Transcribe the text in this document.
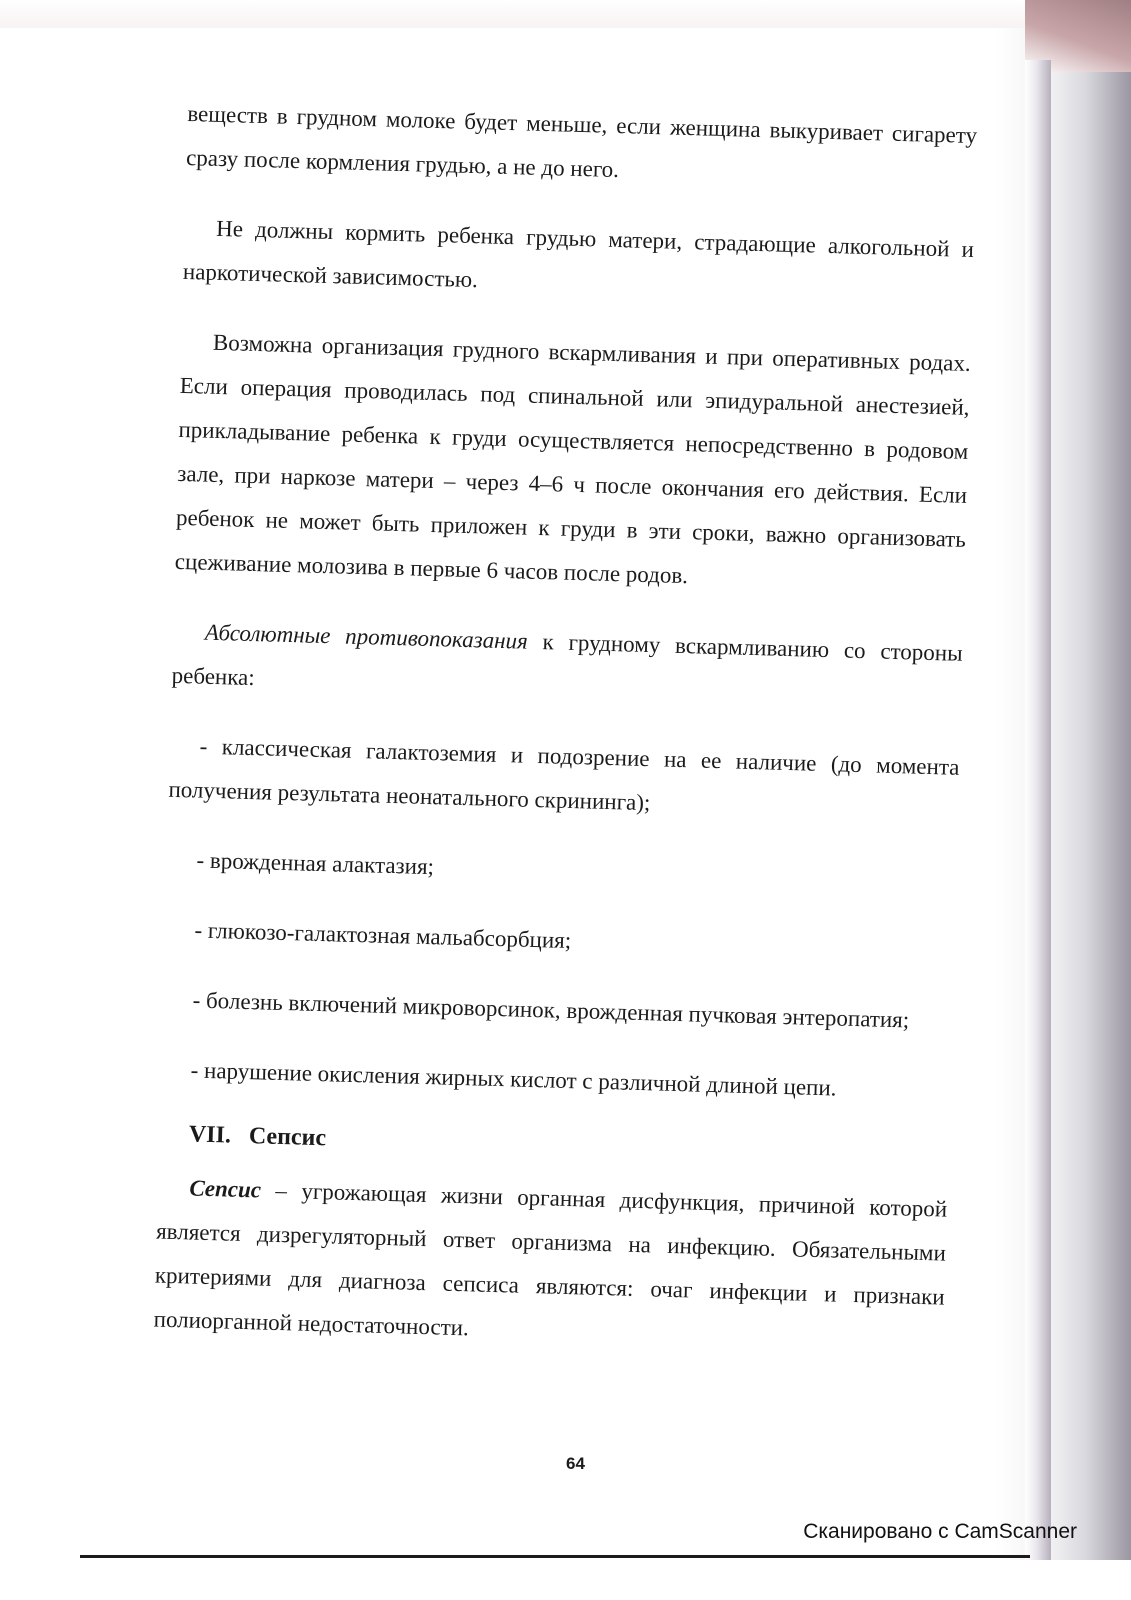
веществ в грудном молоке будет меньше, если женщина выкуривает сигарету сразу после кормления грудью, а не до него.

Не должны кормить ребенка грудью матери, страдающие алкогольной и наркотической зависимостью.

Возможна организация грудного вскармливания и при оперативных родах. Если операция проводилась под спинальной или эпидуральной анестезией, прикладывание ребенка к груди осуществляется непосредственно в родовом зале, при наркозе матери – через 4–6 ч после окончания его действия. Если ребенок не может быть приложен к груди в эти сроки, важно организовать сцеживание молозива в первые 6 часов после родов.

Абсолютные противопоказания к грудному вскармливанию со стороны ребенка:

- классическая галактоземия и подозрение на ее наличие (до момента получения результата неонатального скрининга);

- врожденная алактазия;

- глюкозо-галактозная мальабсорбция;

- болезнь включений микроворсинок, врожденная пучковая энтеропатия;

- нарушение окисления жирных кислот с различной длиной цепи.

VII. Сепсис

Сепсис – угрожающая жизни органная дисфункция, причиной которой является дизрегуляторный ответ организма на инфекцию. Обязательными критериями для диагноза сепсиса являются: очаг инфекции и признаки полиорганной недостаточности.

64
Сканировано с CamScanner
